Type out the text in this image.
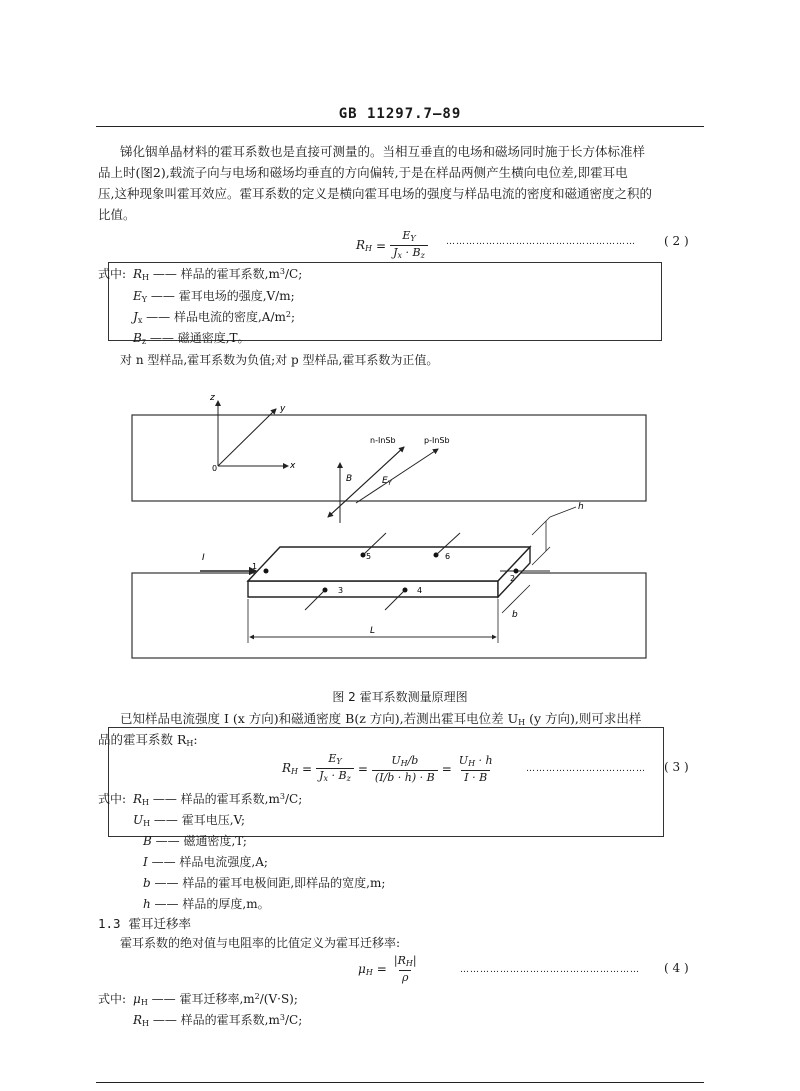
GB 11297.7—89
锑化铟单晶材料的霍耳系数也是直接可测量的。当相互垂直的电场和磁场同时施于长方体标准样
品上时(图2),载流子向与电场和磁场均垂直的方向偏转,于是在样品两侧产生横向电位差,即霍耳电
压,这种现象叫霍耳效应。霍耳系数的定义是横向霍耳电场的强度与样品电流的密度和磁通密度之积的
比值。
$R_H = \frac{E_Y}{J_x \cdot B_z}$ ………………………………………………… ( 2 )
式中: $R_H$ —— 样品的霍耳系数$,m^3/C$;
$E_Y$ —— 霍耳电场的强度,V/m;
$J_x$ —— 样品电流的密度$,A/m^2$;
$B_z$ —— 磁通密度,T。
对 n 型样品,霍耳系数为负值;对 p 型样品,霍耳系数为正值。
z
y
x
0
B
n-InSb	p-InSb
$E_Y$
I
1
2
3	4
5	6
L
b
h
图 2 霍耳系数测量原理图
已知样品电流强度 I (x 方向)和磁通密度 B(z 方向),若测出霍耳电位差 $U_H$ (y 方向),则可求出样
品的霍耳系数 $R_H$:
$R_H = \frac{E_Y}{J_x \cdot B_z} = \frac{U_H/b}{(I/b \cdot h) \cdot B} = \frac{U_H \cdot h}{I \cdot B}$	……………………………… ( 3 )
式中: $R_H$ —— 样品的霍耳系数$,m^3/C$;
$U_H$ —— 霍耳电压,V;
B —— 磁通密度,T;
I —— 样品电流强度,A;
b —— 样品的霍耳电极间距,即样品的宽度,m;
h —— 样品的厚度,m。
1.3 霍耳迁移率
霍耳系数的绝对值与电阻率的比值定义为霍耳迁移率:
$\mu_H = \frac{|R_H|}{\rho}$	……………………………………………… ( 4 )
式中: $\mu_H$ —— 霍耳迁移率$,m^2/(V\cdot S)$;
$R_H$ —— 样品的霍耳系数$,m^3/C$;
